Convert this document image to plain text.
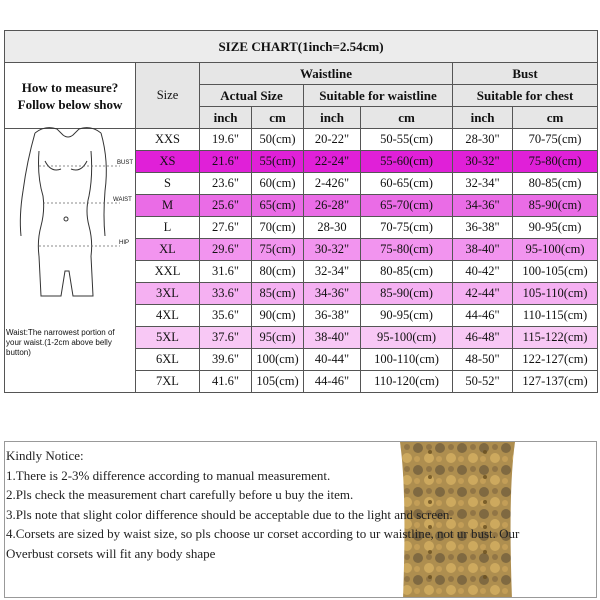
SIZE CHART(1inch=2.54cm)							

How to measure?
Follow below show	Size	Waistline				Bust	
		Actual Size		Suitable for waistline		Suitable for chest	
		inch	cm	inch	cm	inch	cm
	XXS	19.6"	50(cm)	20-22"	50-55(cm)	28-30"	70-75(cm)
	XS	21.6"	55(cm)	22-24"	55-60(cm)	30-32"	75-80(cm)
	S	23.6"	60(cm)	2-426"	60-65(cm)	32-34"	80-85(cm)
	M	25.6"	65(cm)	26-28"	65-70(cm)	34-36"	85-90(cm)
	L	27.6"	70(cm)	28-30	70-75(cm)	36-38"	90-95(cm)
	XL	29.6"	75(cm)	30-32"	75-80(cm)	38-40"	95-100(cm)
	XXL	31.6"	80(cm)	32-34"	80-85(cm)	40-42"	100-105(cm)
	3XL	33.6"	85(cm)	34-36"	85-90(cm)	42-44"	105-110(cm)
	4XL	35.6"	90(cm)	36-38"	90-95(cm)	44-46"	110-115(cm)
	5XL	37.6"	95(cm)	38-40"	95-100(cm)	46-48"	115-122(cm)
	6XL	39.6"	100(cm)	40-44"	100-110(cm)	48-50"	122-127(cm)
	7XL	41.6"	105(cm)	44-46"	110-120(cm)	50-52"	127-137(cm)
BUST
WAIST
HIP
Waist:The narrowest portion of your waist.(1-2cm above belly button)
Kindly Notice:
1.There is 2-3% difference according to manual measurement.
2.Pls check the measurement chart carefully before u buy the item.
3.Pls note that slight color difference should be acceptable due to the light and screen.
4.Corsets are sized by waist size, so pls choose ur corset according to ur waistline, not ur bust. Our
Overbust corsets will fit any body shape
